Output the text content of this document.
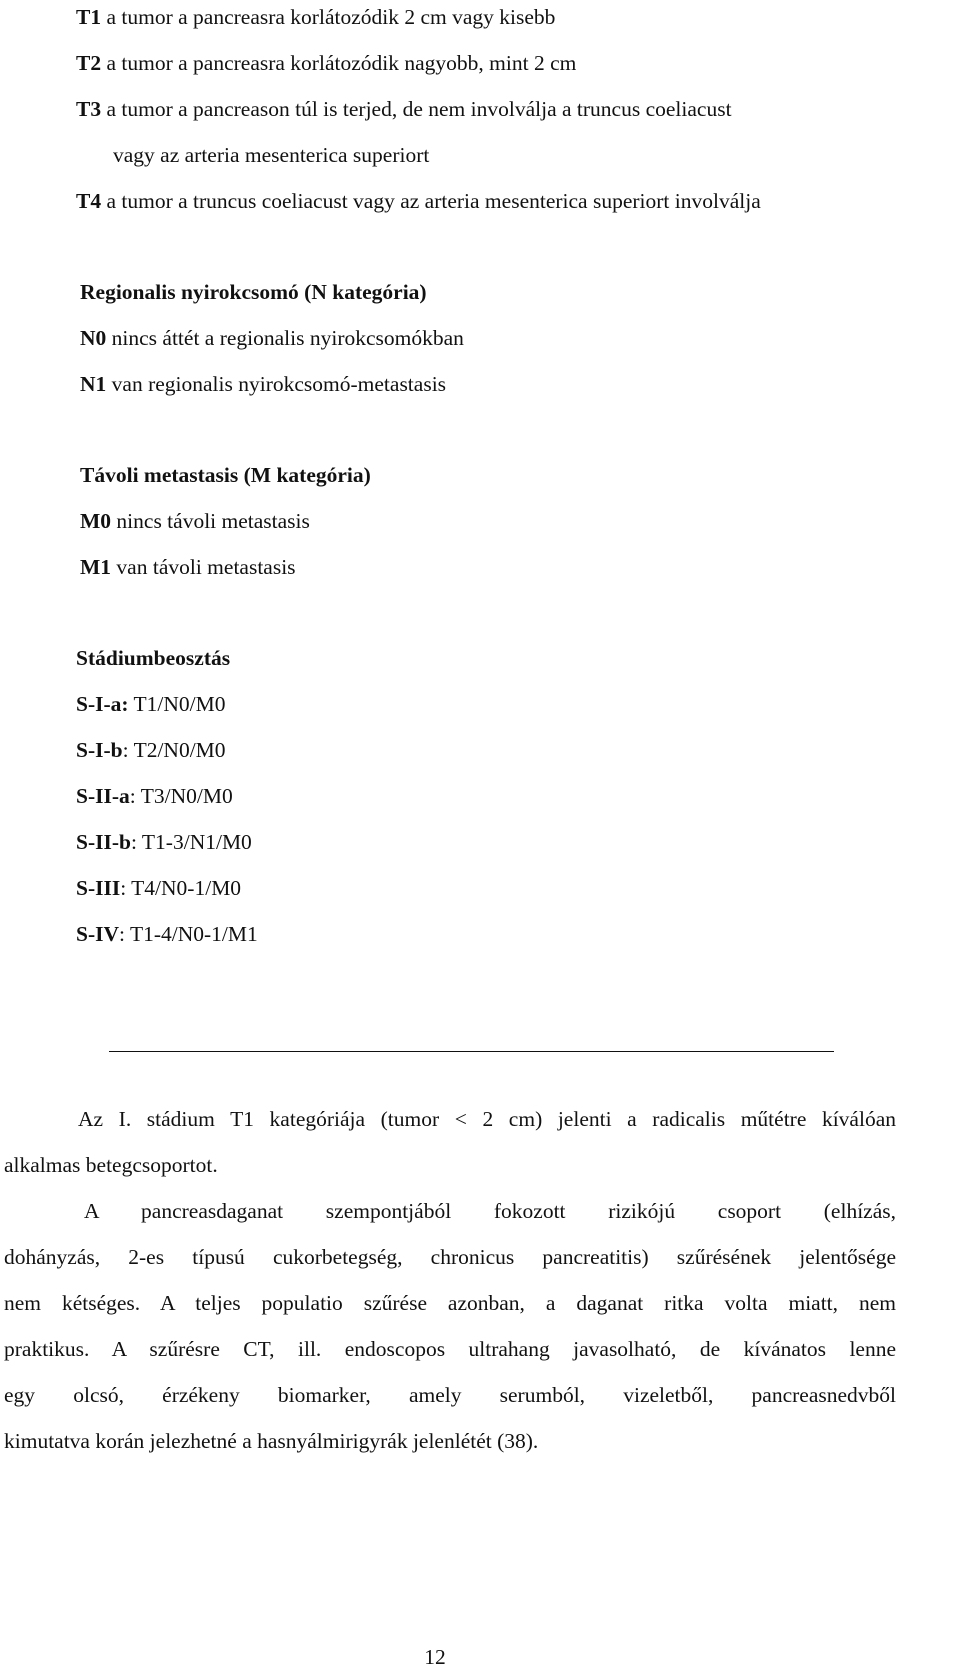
T1 a tumor a pancreasra korlátozódik 2 cm vagy kisebb
T2 a tumor a pancreasra korlátozódik nagyobb, mint 2 cm
T3 a tumor a pancreason túl is terjed, de nem involválja a truncus coeliacust
vagy az arteria mesenterica superiort
T4 a tumor a truncus coeliacust vagy az arteria mesenterica superiort involválja
Regionalis nyirokcsomó (N kategória)
N0 nincs áttét a regionalis nyirokcsomókban
N1 van regionalis nyirokcsomó-metastasis
Távoli metastasis (M kategória)
M0 nincs távoli metastasis
M1 van távoli metastasis
Stádiumbeosztás
S-I-a: T1/N0/M0
S-I-b: T2/N0/M0
S-II-a: T3/N0/M0
S-II-b: T1-3/N1/M0
S-III: T4/N0-1/M0
S-IV: T1-4/N0-1/M1
Az I. stádium T1 kategóriája (tumor < 2 cm) jelenti a radicalis műtétre kíválóan
alkalmas betegcsoportot.
A pancreasdaganat szempontjából fokozott rizikójú csoport (elhízás,
dohányzás, 2-es típusú cukorbetegség, chronicus pancreatitis) szűrésének jelentősége
nem kétséges. A teljes populatio szűrése azonban, a daganat ritka volta miatt, nem
praktikus. A szűrésre CT, ill. endoscopos ultrahang javasolható, de kívánatos lenne
egy olcsó, érzékeny biomarker, amely serumból, vizeletből, pancreasnedvből
kimutatva korán jelezhetné a hasnyálmirigyrák jelenlétét (38).
12
